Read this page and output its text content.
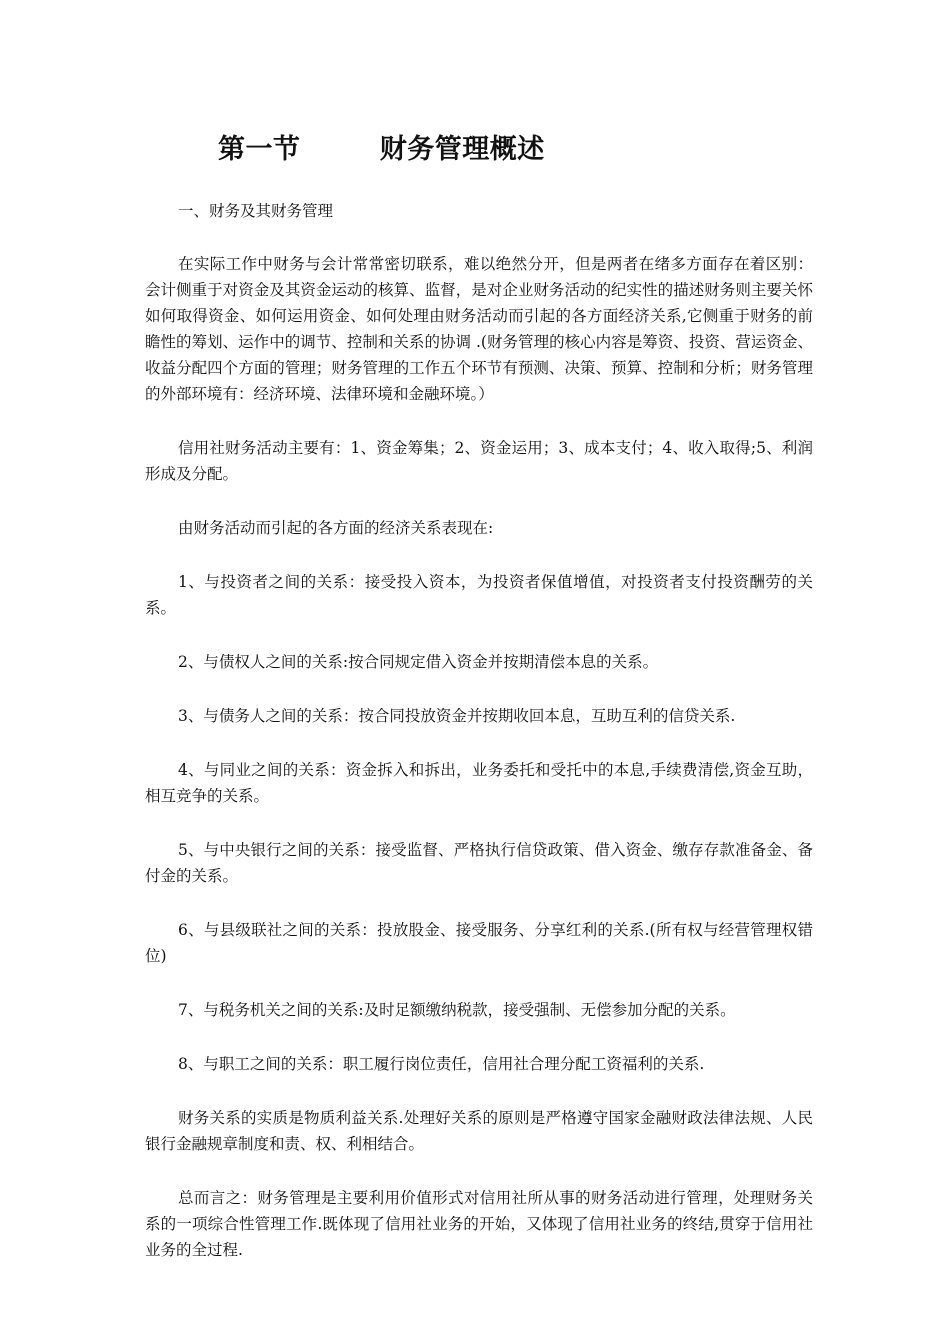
第一节        财务管理概述

一、财务及其财务管理

在实际工作中财务与会计常常密切联系，难以绝然分开，但是两者在绪多方面存在着区别：会计侧重于对资金及其资金运动的核算、监督，是对企业财务活动的纪实性的描述财务则主要关怀如何取得资金、如何运用资金、如何处理由财务活动而引起的各方面经济关系,它侧重于财务的前瞻性的筹划、运作中的调节、控制和关系的协调 .(财务管理的核心内容是筹资、投资、营运资金、收益分配四个方面的管理；财务管理的工作五个环节有预测、决策、预算、控制和分析；财务管理的外部环境有：经济环境、法律环境和金融环境。）

信用社财务活动主要有：1、资金筹集；2、资金运用；3、成本支付；4、收入取得;5、利润形成及分配。

由财务活动而引起的各方面的经济关系表现在:

1、与投资者之间的关系：接受投入资本，为投资者保值增值，对投资者支付投资酬劳的关系。

2、与债权人之间的关系:按合同规定借入资金并按期清偿本息的关系。

3、与债务人之间的关系：按合同投放资金并按期收回本息，互助互利的信贷关系.

4、与同业之间的关系：资金拆入和拆出，业务委托和受托中的本息,手续费清偿,资金互助，相互竞争的关系。

5、与中央银行之间的关系：接受监督、严格执行信贷政策、借入资金、缴存存款准备金、备付金的关系。

6、与县级联社之间的关系：投放股金、接受服务、分享红利的关系.(所有权与经营管理权错位)

7、与税务机关之间的关系:及时足额缴纳税款，接受强制、无偿参加分配的关系。

8、与职工之间的关系：职工履行岗位责任，信用社合理分配工资福利的关系.

财务关系的实质是物质利益关系.处理好关系的原则是严格遵守国家金融财政法律法规、人民银行金融规章制度和责、权、利相结合。

总而言之：财务管理是主要利用价值形式对信用社所从事的财务活动进行管理，处理财务关系的一项综合性管理工作.既体现了信用社业务的开始，又体现了信用社业务的终结,贯穿于信用社业务的全过程.
